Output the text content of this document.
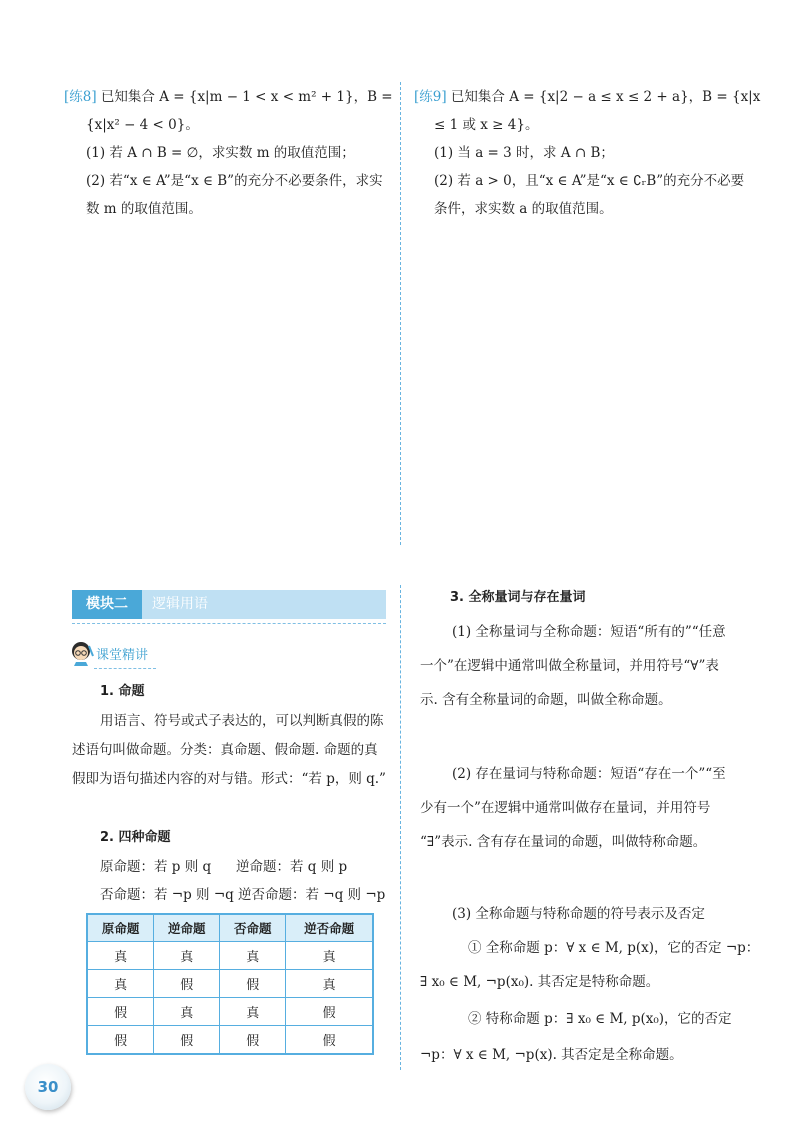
[练8] 已知集合 A = {x|m − 1 < x < m² + 1}，B =
{x|x² − 4 < 0}。
(1) 若 A ∩ B = ∅，求实数 m 的取值范围；
(2) 若“x ∈ A”是“x ∈ B”的充分不必要条件，求实
数 m 的取值范围。
[练9] 已知集合 A = {x|2 − a ≤ x ≤ 2 + a}，B = {x|x
≤ 1 或 x ≥ 4}。
(1) 当 a = 3 时，求 A ∩ B；
(2) 若 a > 0，且“x ∈ A”是“x ∈ ∁ᵣB”的充分不必要
条件，求实数 a 的取值范围。
模块二	逻辑用语
课堂精讲
1. 命题
用语言、符号或式子表达的，可以判断真假的陈
述语句叫做命题。分类：真命题、假命题. 命题的真
假即为语句描述内容的对与错。形式：“若 p，则 q.”
2. 四种命题
原命题：若 p 则 q 逆命题：若 q 则 p
否命题：若 ¬p 则 ¬q 逆否命题：若 ¬q 则 ¬p
原命题	逆命题	否命题	逆否命题
真	真	真	真
真	假	假	真
假	真	真	假
假	假	假	假
3. 全称量词与存在量词
(1) 全称量词与全称命题：短语“所有的”“任意
一个”在逻辑中通常叫做全称量词，并用符号“∀”表
示. 含有全称量词的命题，叫做全称命题。
(2) 存在量词与特称命题：短语“存在一个”“至
少有一个”在逻辑中通常叫做存在量词，并用符号
“∃”表示. 含有存在量词的命题，叫做特称命题。
(3) 全称命题与特称命题的符号表示及否定
① 全称命题 p：∀ x ∈ M, p(x)，它的否定 ¬p：
∃ x₀ ∈ M, ¬p(x₀). 其否定是特称命题。
② 特称命题 p：∃ x₀ ∈ M, p(x₀)，它的否定
¬p：∀ x ∈ M, ¬p(x). 其否定是全称命题。
30
